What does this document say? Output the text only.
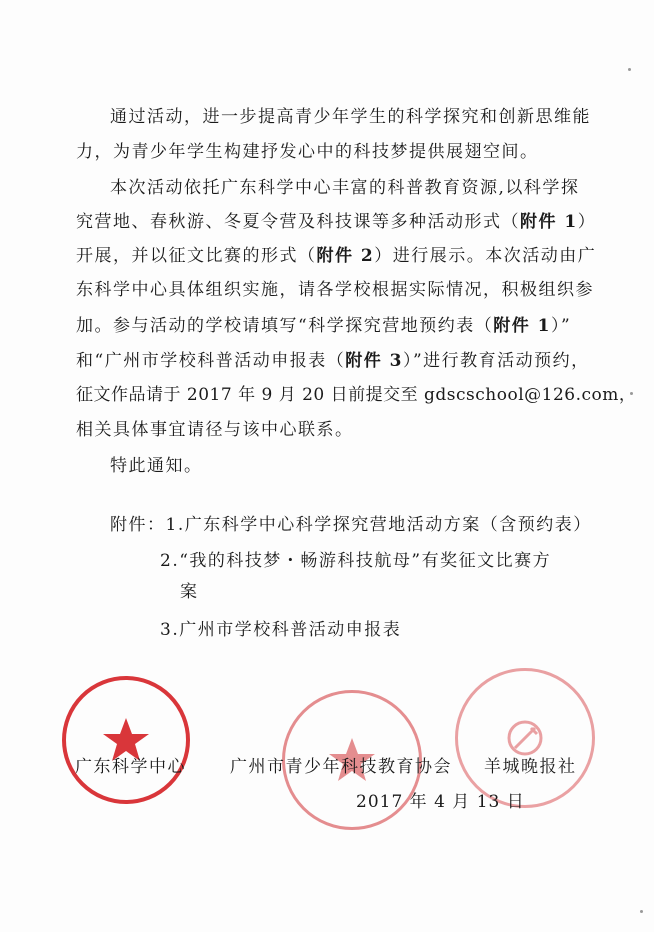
通过活动，进一步提高青少年学生的科学探究和创新思维能
力，为青少年学生构建抒发心中的科技梦提供展翅空间。
本次活动依托广东科学中心丰富的科普教育资源,以科学探
究营地、春秋游、冬夏令营及科技课等多种活动形式（附件 1）
开展，并以征文比赛的形式（附件 2）进行展示。本次活动由广
东科学中心具体组织实施，请各学校根据实际情况，积极组织参
加。参与活动的学校请填写“科学探究营地预约表（附件 1）”
和“广州市学校科普活动申报表（附件 3）”进行教育活动预约，
征文作品请于 2017 年 9 月 20 日前提交至 gdscschool@126.com，
相关具体事宜请径与该中心联系。
特此通知。
附件：1.广东科学中心科学探究营地活动方案（含预约表）
2.“我的科技梦・畅游科技航母”有奖征文比赛方
案
3.广州市学校科普活动申报表
广东科学中心	广州市青少年科技教育协会 羊城晚报社
2017 年 4 月 13 日
